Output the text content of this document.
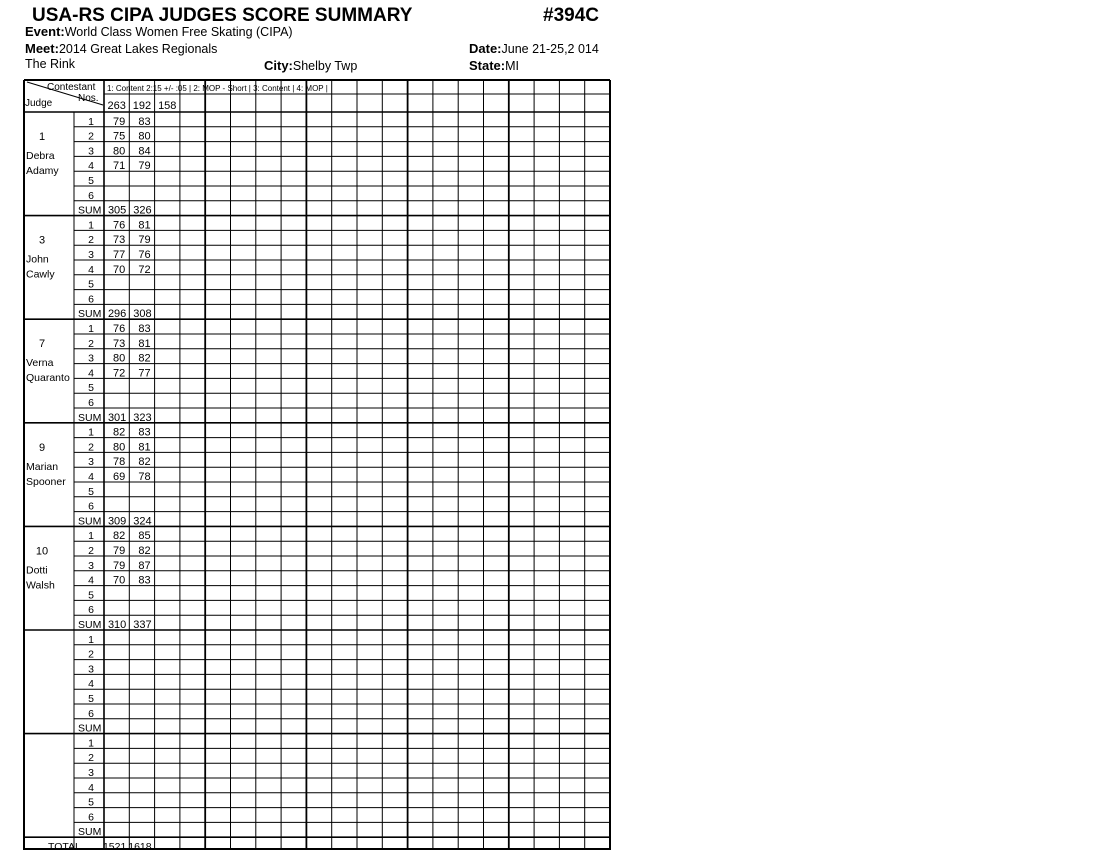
USA-RS CIPA JUDGES SCORE SUMMARY	#394C
Event:World Class Women Free Skating (CIPA)
Meet:2014 Great Lakes Regionals	Date:June 21-25,2 014
The Rink	City:Shelby Twp	State:MI
Contestant
Nos.
Judge
1: Content 2:15 +/- :05 | 2: MOP - Short | 3: Content | 4: MOP |
263 192 158
1
Debra
Adamy
1 79 83
2 75 80
3 80 84
4 71 79
5
6
SUM 305 326
3
John
Cawly
1 76 81
2 73 79
3 77 76
4 70 72
5
6
SUM 296 308
7
Verna
Quaranto
1 76 83
2 73 81
3 80 82
4 72 77
5
6
SUM 301 323
9
Marian
Spooner
1 82 83
2 80 81
3 78 82
4 69 78
5
6
SUM 309 324
10
Dotti
Walsh
1 82 85
2 79 82
3 79 87
4 70 83
5
6
SUM 310 337
1
2
3
4
5
6
SUM
1
2
3
4
5
6
SUM
TOTAL 1521 1618
